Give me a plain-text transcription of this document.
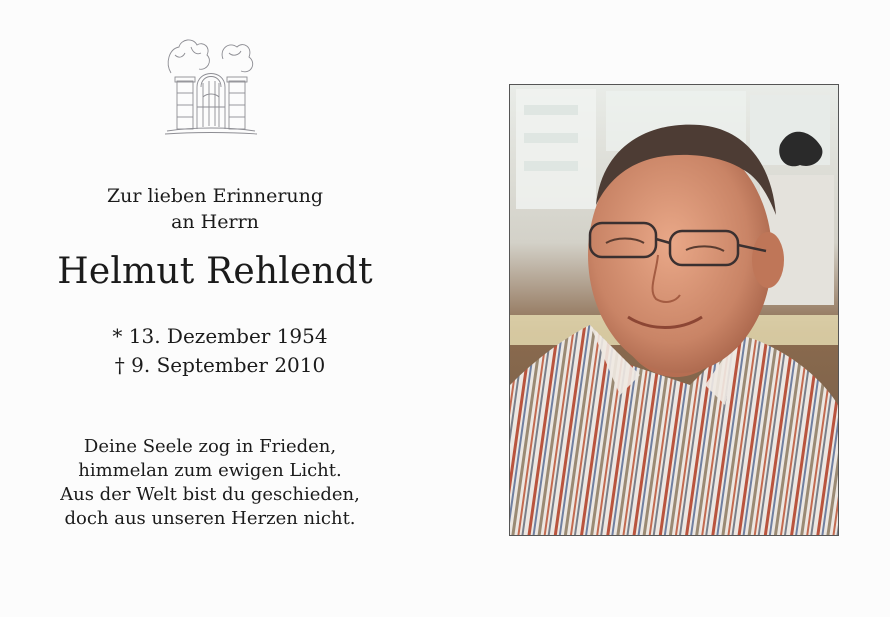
Zur lieben Erinnerung
an Herrn
Helmut Rehlendt
* 13. Dezember 1954
† 9. September 2010
Deine Seele zog in Frieden,
himmelan zum ewigen Licht.
Aus der Welt bist du geschieden,
doch aus unseren Herzen nicht.
